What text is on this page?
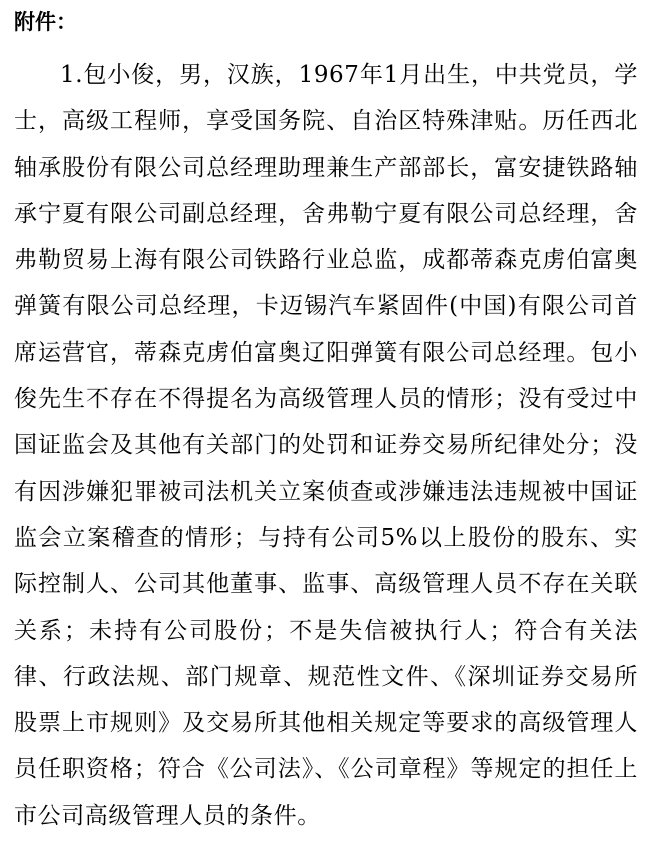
附件：

1.包小俊，男，汉族，1967年1月出生，中共党员，学士，高级工程师，享受国务院、自治区特殊津贴。历任西北轴承股份有限公司总经理助理兼生产部部长，富安捷铁路轴承宁夏有限公司副总经理，舍弗勒宁夏有限公司总经理，舍弗勒贸易上海有限公司铁路行业总监，成都蒂森克虏伯富奥弹簧有限公司总经理，卡迈锡汽车紧固件(中国)有限公司首席运营官，蒂森克虏伯富奥辽阳弹簧有限公司总经理。包小俊先生不存在不得提名为高级管理人员的情形；没有受过中国证监会及其他有关部门的处罚和证券交易所纪律处分；没有因涉嫌犯罪被司法机关立案侦查或涉嫌违法违规被中国证监会立案稽查的情形；与持有公司5%以上股份的股东、实际控制人、公司其他董事、监事、高级管理人员不存在关联关系；未持有公司股份；不是失信被执行人；符合有关法律、行政法规、部门规章、规范性文件、《深圳证券交易所股票上市规则》及交易所其他相关规定等要求的高级管理人员任职资格；符合《公司法》、《公司章程》等规定的担任上市公司高级管理人员的条件。
